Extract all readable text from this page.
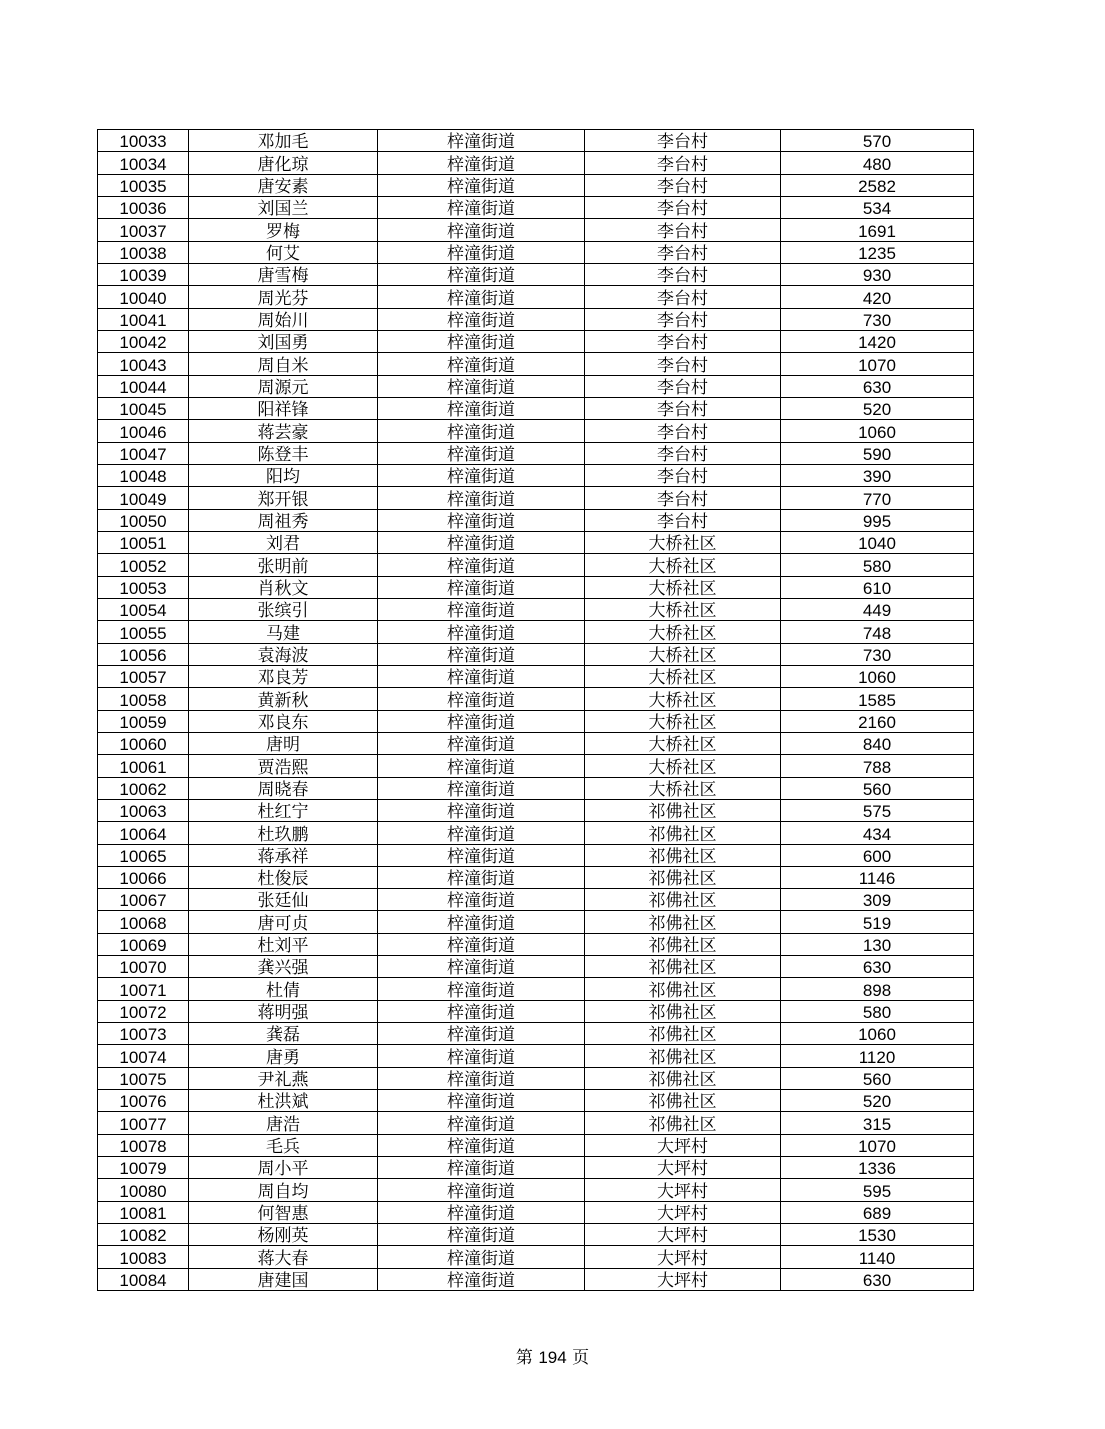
10033	邓加毛	梓潼街道	李台村	570
10034	唐化琼	梓潼街道	李台村	480
10035	唐安素	梓潼街道	李台村	2582
10036	刘国兰	梓潼街道	李台村	534
10037	罗梅	梓潼街道	李台村	1691
10038	何艾	梓潼街道	李台村	1235
10039	唐雪梅	梓潼街道	李台村	930
10040	周光芬	梓潼街道	李台村	420
10041	周始川	梓潼街道	李台村	730
10042	刘国勇	梓潼街道	李台村	1420
10043	周自米	梓潼街道	李台村	1070
10044	周源元	梓潼街道	李台村	630
10045	阳祥锋	梓潼街道	李台村	520
10046	蒋芸豪	梓潼街道	李台村	1060
10047	陈登丰	梓潼街道	李台村	590
10048	阳均	梓潼街道	李台村	390
10049	郑开银	梓潼街道	李台村	770
10050	周祖秀	梓潼街道	李台村	995
10051	刘君	梓潼街道	大桥社区	1040
10052	张明前	梓潼街道	大桥社区	580
10053	肖秋文	梓潼街道	大桥社区	610
10054	张缤引	梓潼街道	大桥社区	449
10055	马建	梓潼街道	大桥社区	748
10056	袁海波	梓潼街道	大桥社区	730
10057	邓良芳	梓潼街道	大桥社区	1060
10058	黄新秋	梓潼街道	大桥社区	1585
10059	邓良东	梓潼街道	大桥社区	2160
10060	唐明	梓潼街道	大桥社区	840
10061	贾浩熙	梓潼街道	大桥社区	788
10062	周晓春	梓潼街道	大桥社区	560
10063	杜红宁	梓潼街道	祁佛社区	575
10064	杜玖鹏	梓潼街道	祁佛社区	434
10065	蒋承祥	梓潼街道	祁佛社区	600
10066	杜俊辰	梓潼街道	祁佛社区	1146
10067	张廷仙	梓潼街道	祁佛社区	309
10068	唐可贞	梓潼街道	祁佛社区	519
10069	杜刘平	梓潼街道	祁佛社区	130
10070	龚兴强	梓潼街道	祁佛社区	630
10071	杜倩	梓潼街道	祁佛社区	898
10072	蒋明强	梓潼街道	祁佛社区	580
10073	龚磊	梓潼街道	祁佛社区	1060
10074	唐勇	梓潼街道	祁佛社区	1120
10075	尹礼燕	梓潼街道	祁佛社区	560
10076	杜洪斌	梓潼街道	祁佛社区	520
10077	唐浩	梓潼街道	祁佛社区	315
10078	毛兵	梓潼街道	大坪村	1070
10079	周小平	梓潼街道	大坪村	1336
10080	周自均	梓潼街道	大坪村	595
10081	何智惠	梓潼街道	大坪村	689
10082	杨刚英	梓潼街道	大坪村	1530
10083	蒋大春	梓潼街道	大坪村	1140
10084	唐建国	梓潼街道	大坪村	630
第 194 页
